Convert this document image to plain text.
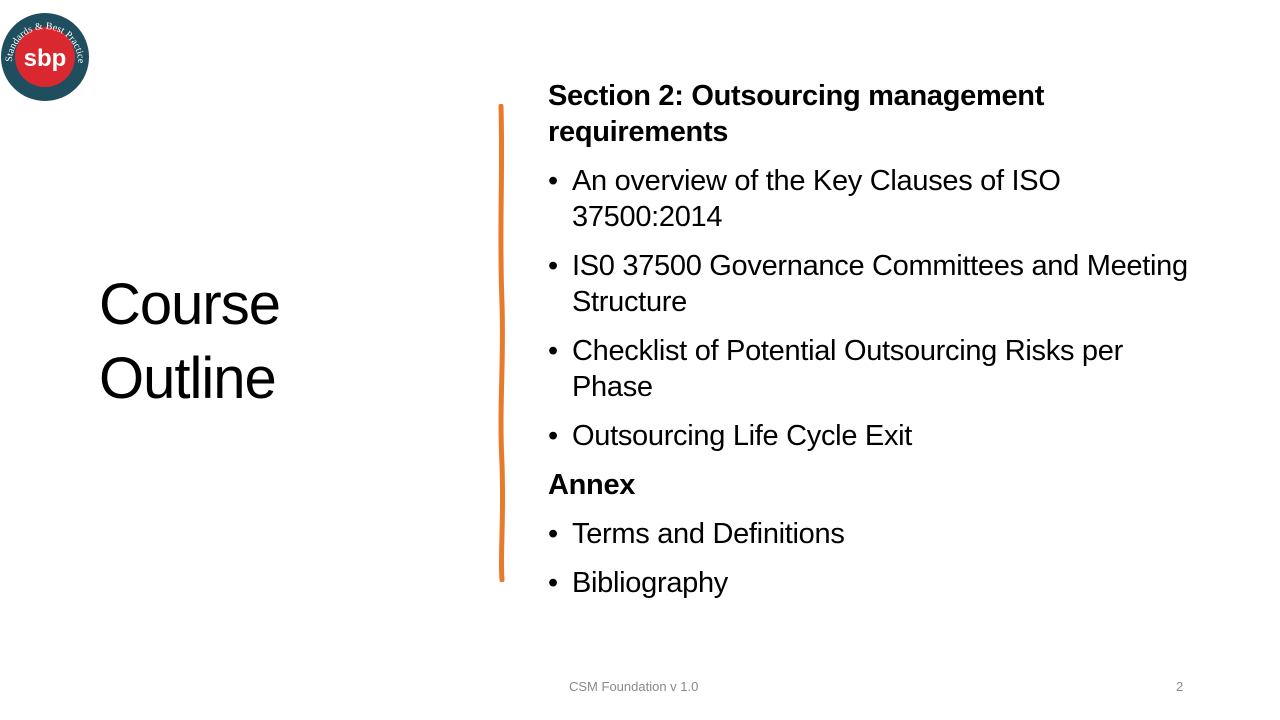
Standards & Best Practice
sbp
Course
Outline
Section 2: Outsourcing management requirements
• An overview of the Key Clauses of ISO 37500:2014
• IS0 37500 Governance Committees and Meeting Structure
• Checklist of Potential Outsourcing Risks per Phase
• Outsourcing Life Cycle Exit
Annex
• Terms and Definitions
• Bibliography
CSM Foundation v 1.0	2
